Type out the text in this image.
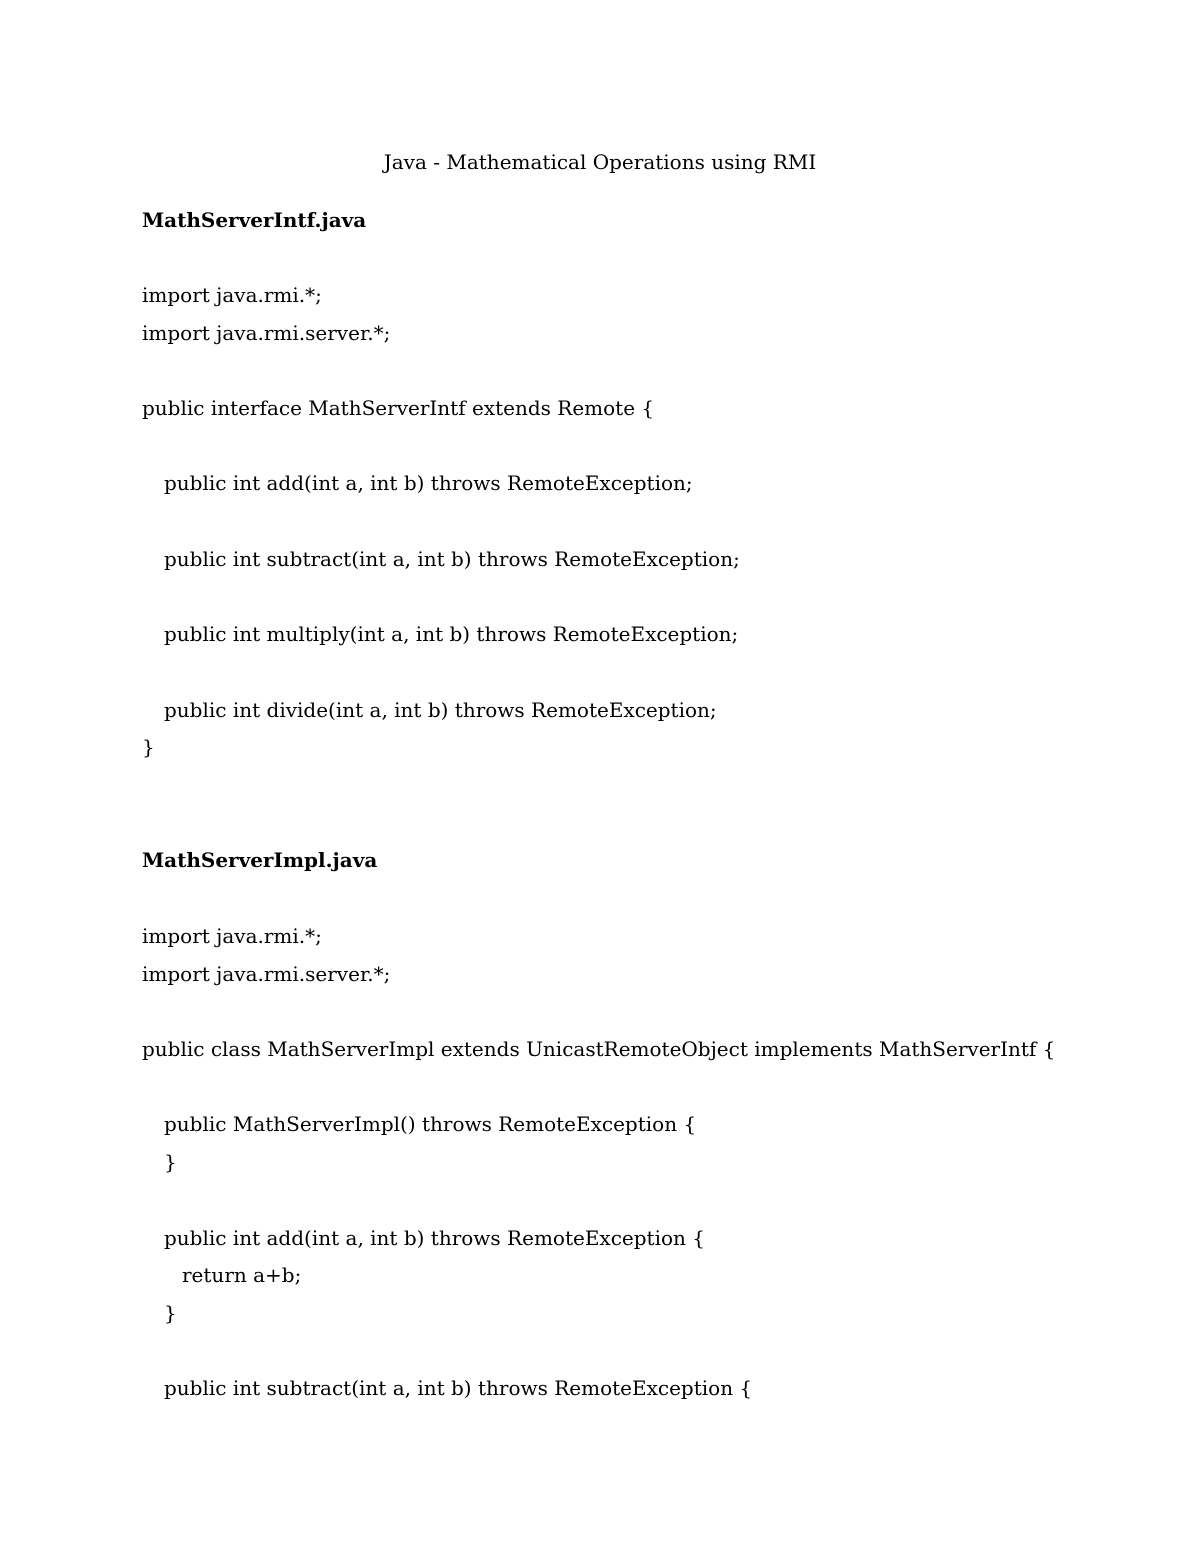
Java - Mathematical Operations using RMI
MathServerIntf.java
import java.rmi.*;
import java.rmi.server.*;
public interface MathServerIntf extends Remote {
public int add(int a, int b) throws RemoteException;
public int subtract(int a, int b) throws RemoteException;
public int multiply(int a, int b) throws RemoteException;
public int divide(int a, int b) throws RemoteException;
}
MathServerImpl.java
import java.rmi.*;
import java.rmi.server.*;
public class MathServerImpl extends UnicastRemoteObject implements MathServerIntf {
public MathServerImpl() throws RemoteException {
}
public int add(int a, int b) throws RemoteException {
return a+b;
}
public int subtract(int a, int b) throws RemoteException {
